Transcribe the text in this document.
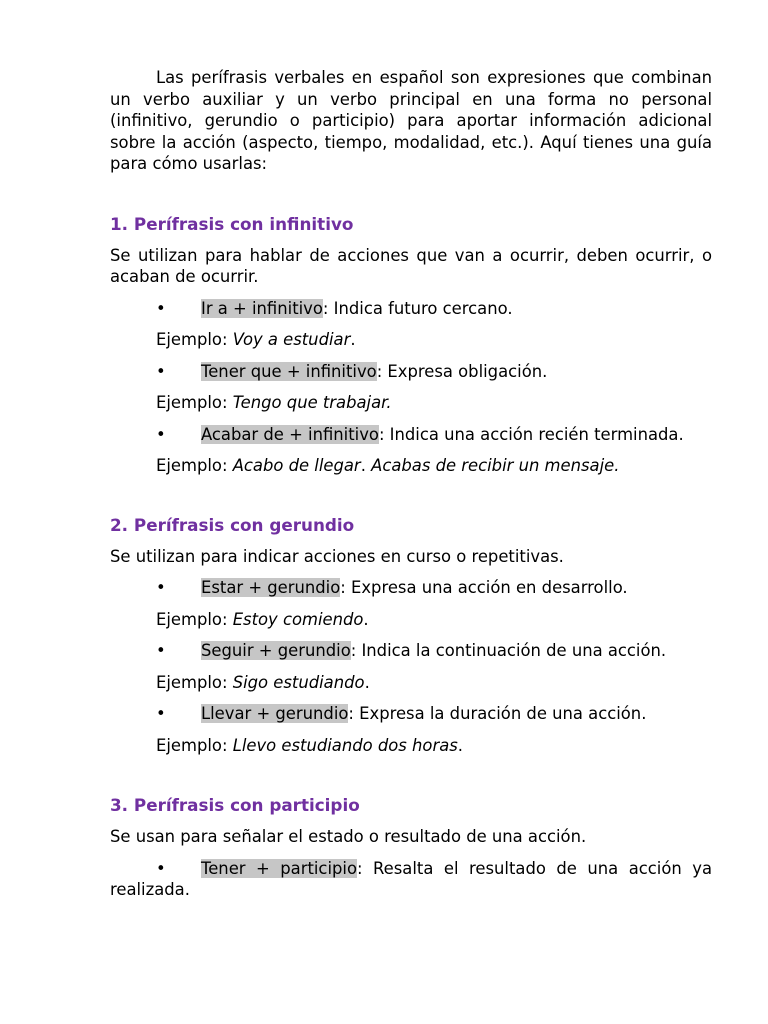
Las perífrasis verbales en español son expresiones que combinan un verbo auxiliar y un verbo principal en una forma no personal (infinitivo, gerundio o participio) para aportar información adicional sobre la acción (aspecto, tiempo, modalidad, etc.). Aquí tienes una guía para cómo usarlas:

1. Perífrasis con infinitivo

Se utilizan para hablar de acciones que van a ocurrir, deben ocurrir, o acaban de ocurrir.

• Ir a + infinitivo: Indica futuro cercano.

Ejemplo: Voy a estudiar.

• Tener que + infinitivo: Expresa obligación.

Ejemplo: Tengo que trabajar.

• Acabar de + infinitivo: Indica una acción recién terminada.

Ejemplo: Acabo de llegar. Acabas de recibir un mensaje.

2. Perífrasis con gerundio

Se utilizan para indicar acciones en curso o repetitivas.

• Estar + gerundio: Expresa una acción en desarrollo.

Ejemplo: Estoy comiendo.

• Seguir + gerundio: Indica la continuación de una acción.

Ejemplo: Sigo estudiando.

• Llevar + gerundio: Expresa la duración de una acción.

Ejemplo: Llevo estudiando dos horas.

3. Perífrasis con participio

Se usan para señalar el estado o resultado de una acción.

• Tener + participio: Resalta el resultado de una acción ya realizada.
